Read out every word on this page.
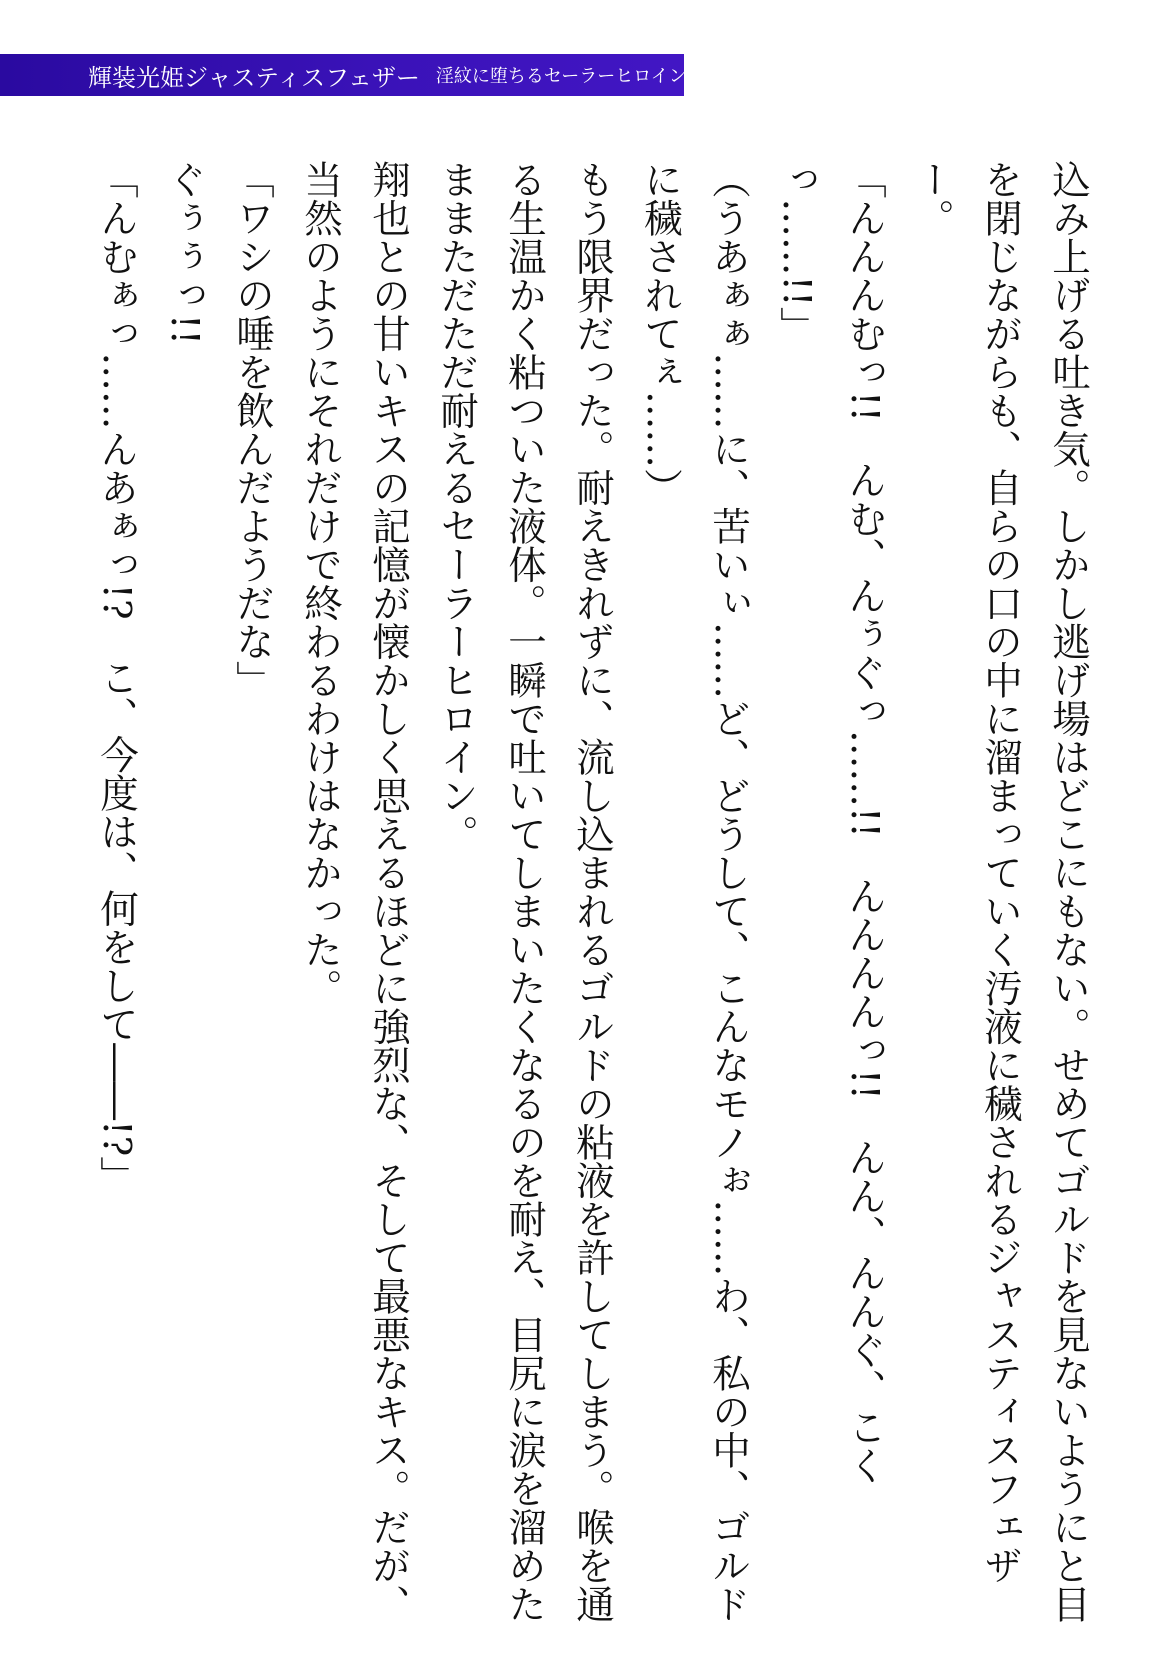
輝装光姫ジャスティスフェザー 淫紋に堕ちるセーラーヒロイン

込み上げる吐き気。しかし逃げ場はどこにもない。せめてゴルドを見ないようにと目を閉じながらも、自らの口の中に溜まっていく汚液に穢されるジャスティスフェザー。

「んんんむっ!!　んむ、んぅぐっ……!!　んんんんっ!!　んん、んんぐ、こくっ……!!」

（うあぁぁ……に、苦いぃ……ど、どうして、こんなモノぉ……わ、私の中、ゴルドに穢されてぇ……）

もう限界だった。耐えきれずに、流し込まれるゴルドの粘液を許してしまう。喉を通る生温かく粘ついた液体。一瞬で吐いてしまいたくなるのを耐え、目尻に涙を溜めたままただただ耐えるセーラーヒロイン。

翔也との甘いキスの記憶が懐かしく思えるほどに強烈な、そして最悪なキス。だが、当然のようにそれだけで終わるわけはなかった。

「ワシの唾を飲んだようだな」

ぐぅぅっ!!

「んむぁっ……んあぁっ!?　こ、今度は、何をして――!?」
